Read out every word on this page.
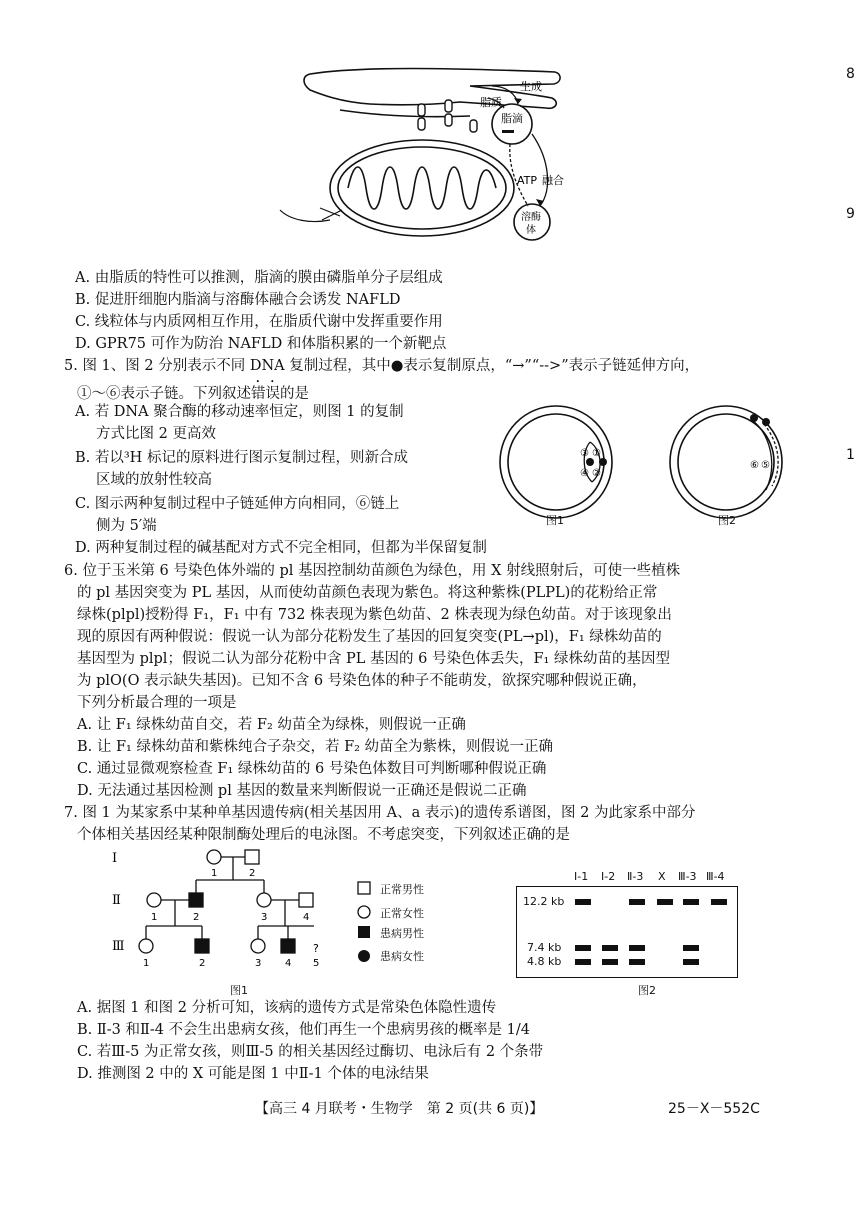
8
9
1
生成
脂质
脂滴
ATP 融合
溶酶
体
A. 由脂质的特性可以推测，脂滴的膜由磷脂单分子层组成
B. 促进肝细胞内脂滴与溶酶体融合会诱发 NAFLD
C. 线粒体与内质网相互作用，在脂质代谢中发挥重要作用
D. GPR75 可作为防治 NAFLD 和体脂积累的一个新靶点
5. 图 1、图 2 分别表示不同 DNA 复制过程，其中●表示复制原点，“→”“-->”表示子链延伸方向，
①～⑥表示子链。下列叙述错误的是
A. 若 DNA 聚合酶的移动速率恒定，则图 1 的复制
方式比图 2 更高效
B. 若以³H 标记的原料进行图示复制过程，则新合成
区域的放射性较高
C. 图示两种复制过程中子链延伸方向相同，⑥链上
侧为 5′端
D. 两种复制过程的碱基配对方式不完全相同，但都为半保留复制
③ ①
④ ②
⑥ ⑤
图1	图2
6. 位于玉米第 6 号染色体外端的 pl 基因控制幼苗颜色为绿色，用 X 射线照射后，可使一些植株
的 pl 基因突变为 PL 基因，从而使幼苗颜色表现为紫色。将这种紫株(PLPL)的花粉给正常
绿株(plpl)授粉得 F₁，F₁ 中有 732 株表现为紫色幼苗、2 株表现为绿色幼苗。对于该现象出
现的原因有两种假说：假说一认为部分花粉发生了基因的回复突变(PL→pl)，F₁ 绿株幼苗的
基因型为 plpl；假说二认为部分花粉中含 PL 基因的 6 号染色体丢失，F₁ 绿株幼苗的基因型
为 plO(O 表示缺失基因)。已知不含 6 号染色体的种子不能萌发，欲探究哪种假说正确，
下列分析最合理的一项是
A. 让 F₁ 绿株幼苗自交，若 F₂ 幼苗全为绿株，则假说一正确
B. 让 F₁ 绿株幼苗和紫株纯合子杂交，若 F₂ 幼苗全为紫株，则假说一正确
C. 通过显微观察检查 F₁ 绿株幼苗的 6 号染色体数目可判断哪种假说正确
D. 无法通过基因检测 pl 基因的数量来判断假说一正确还是假说二正确
7. 图 1 为某家系中某种单基因遗传病(相关基因用 A、a 表示)的遗传系谱图，图 2 为此家系中部分
个体相关基因经某种限制酶处理后的电泳图。不考虑突变，下列叙述正确的是
Ⅰ
Ⅱ
Ⅲ
1	2
1	2	3	4
1	2	3 4
?
5
正常男性
正常女性
患病男性
患病女性
图1
Ⅰ-1 Ⅰ-2 Ⅱ-3 X Ⅲ-3 Ⅲ-4
12.2 kb
7.4 kb
4.8 kb
图2
A. 据图 1 和图 2 分析可知，该病的遗传方式是常染色体隐性遗传
B. Ⅱ-3 和Ⅱ-4 不会生出患病女孩，他们再生一个患病男孩的概率是 1/4
C. 若Ⅲ-5 为正常女孩，则Ⅲ-5 的相关基因经过酶切、电泳后有 2 个条带
D. 推测图 2 中的 X 可能是图 1 中Ⅱ-1 个体的电泳结果
【高三 4 月联考・生物学　第 2 页(共 6 页)】	25－X－552C
